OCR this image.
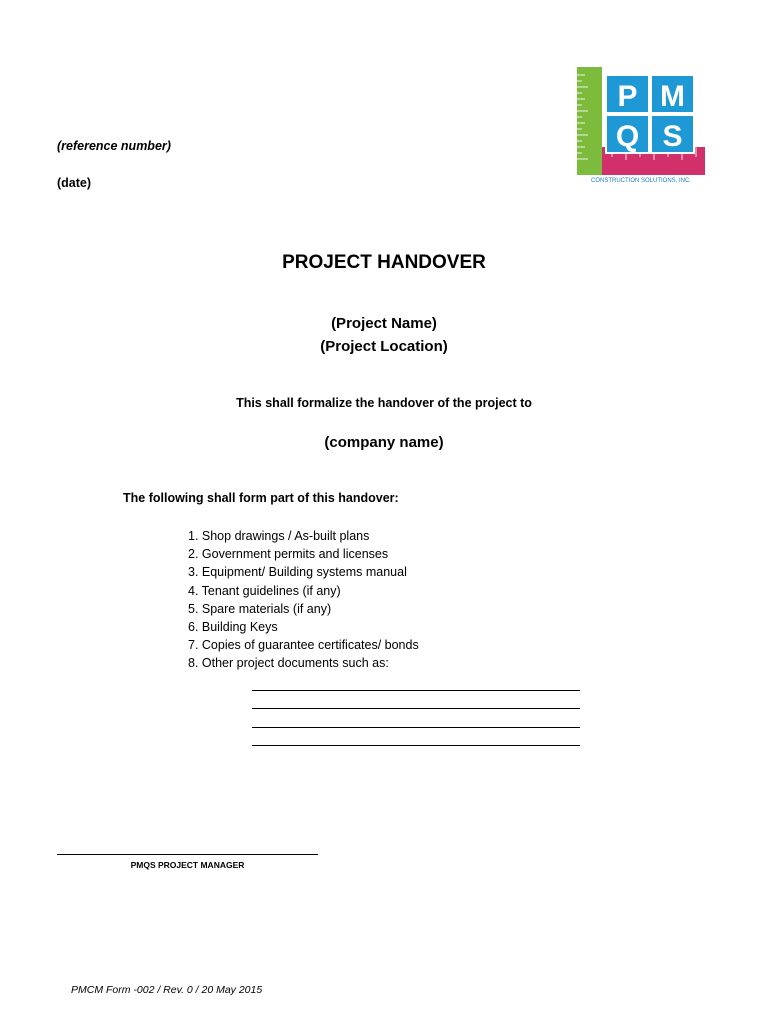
(reference number)
(date)
P M
Q S
CONSTRUCTION SOLUTIONS, INC.
PROJECT HANDOVER
(Project Name)
(Project Location)
This shall formalize the handover of the project to
(company name)
The following shall form part of this handover:
1. Shop drawings / As-built plans
2. Government permits and licenses
3. Equipment/ Building systems manual
4. Tenant guidelines (if any)
5. Spare materials (if any)
6. Building Keys
7. Copies of guarantee certificates/ bonds
8. Other project documents such as:
PMQS PROJECT MANAGER
PMCM Form -002 / Rev. 0 / 20 May 2015
